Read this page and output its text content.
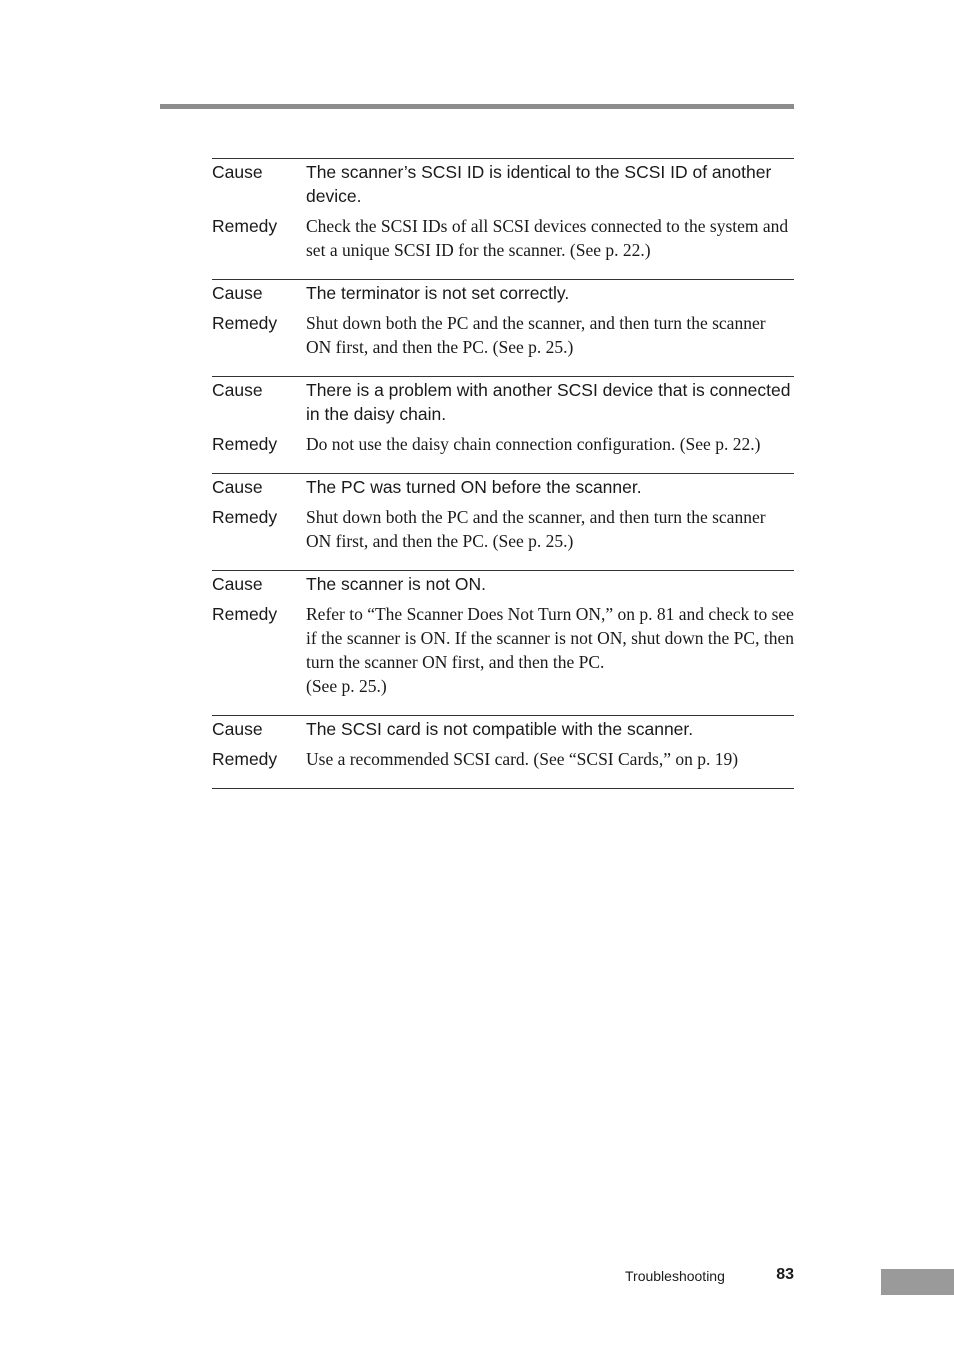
Cause	The scanner’s SCSI ID is identical to the SCSI ID of another device.
Remedy	Check the SCSI IDs of all SCSI devices connected to the system and set a unique SCSI ID for the scanner. (See p. 22.)
Cause	The terminator is not set correctly.
Remedy	Shut down both the PC and the scanner, and then turn the scanner ON first, and then the PC. (See p. 25.)
Cause	There is a problem with another SCSI device that is connected in the daisy chain.
Remedy	Do not use the daisy chain connection configuration. (See p. 22.)
Cause	The PC was turned ON before the scanner.
Remedy	Shut down both the PC and the scanner, and then turn the scanner ON first, and then the PC. (See p. 25.)
Cause	The scanner is not ON.
Remedy	Refer to “The Scanner Does Not Turn ON,” on p. 81 and check to see if the scanner is ON. If the scanner is not ON, shut down the PC, then turn the scanner ON first, and then the PC.
(See p. 25.)
Cause	The SCSI card is not compatible with the scanner.
Remedy	Use a recommended SCSI card. (See “SCSI Cards,” on p. 19)
Troubleshooting	83
